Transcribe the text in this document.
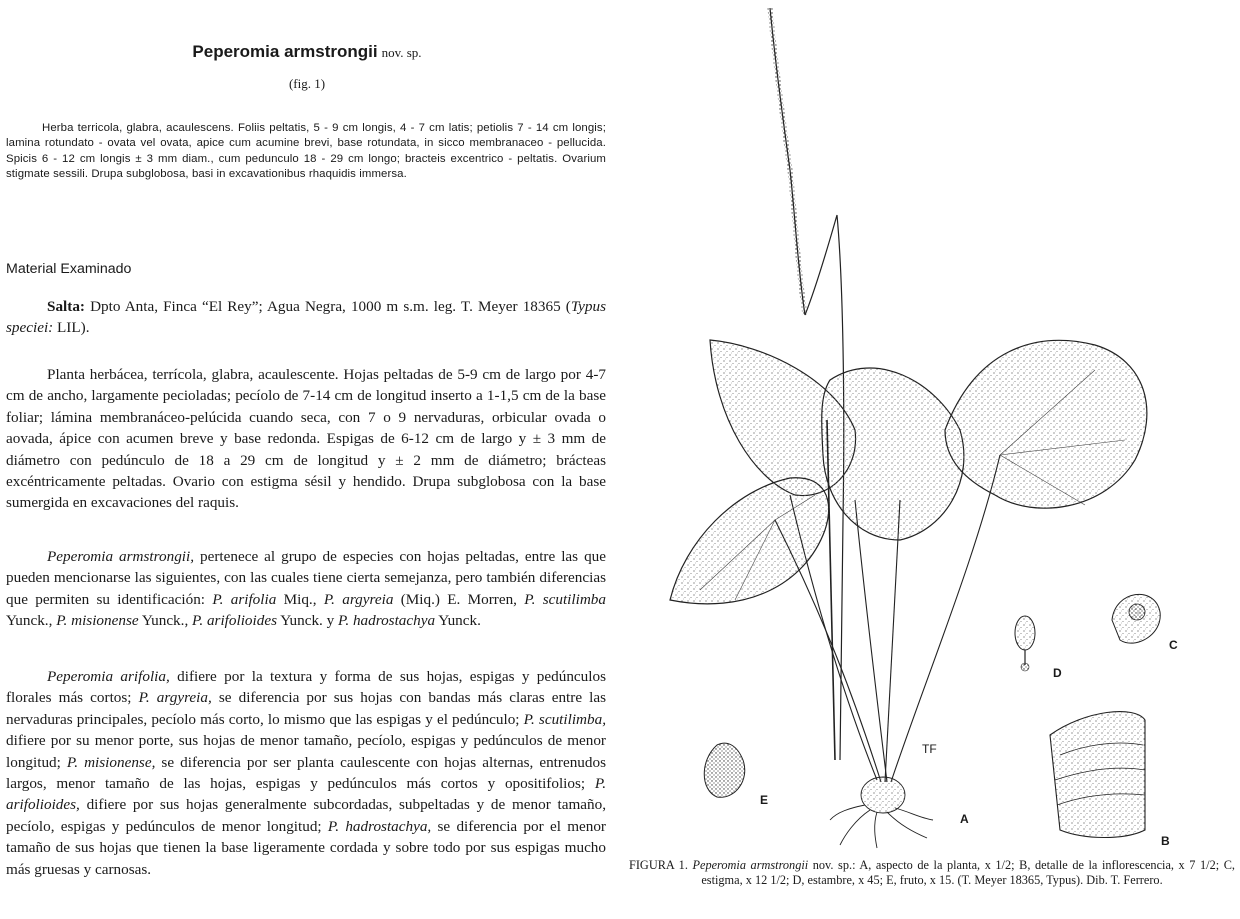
Peperomia armstrongii nov. sp.
(fig. 1)

Herba terricola, glabra, acaulescens. Foliis peltatis, 5 - 9 cm longis, 4 - 7 cm latis; petiolis 7 - 14 cm longis; lamina rotundato - ovata vel ovata, apice cum acumine brevi, base rotundata, in sicco membranaceo - pellucida. Spicis 6 - 12 cm longis ± 3 mm diam., cum pedunculo 18 - 29 cm longo; bracteis excentrico - peltatis. Ovarium stigmate sessili. Drupa subglobosa, basi in excavationibus rhaquidis immersa.

Material Examinado

Salta: Dpto Anta, Finca “El Rey”; Agua Negra, 1000 m s.m. leg. T. Meyer 18365 (Typus speciei: LIL).

Planta herbácea, terrícola, glabra, acaulescente. Hojas peltadas de 5-9 cm de largo por 4-7 cm de ancho, largamente pecioladas; pecíolo de 7-14 cm de longitud inserto a 1-1,5 cm de la base foliar; lámina membranáceo-pelúcida cuando seca, con 7 o 9 nervaduras, orbicular ovada o aovada, ápice con acumen breve y base redonda. Espigas de 6-12 cm de largo y ± 3 mm de diámetro con pedúnculo de 18 a 29 cm de longitud y ± 2 mm de diámetro; brácteas excéntricamente peltadas. Ovario con estigma sésil y hendido. Drupa subglobosa con la base sumergida en excavaciones del raquis.

Peperomia armstrongii, pertenece al grupo de especies con hojas peltadas, entre las que pueden mencionarse las siguientes, con las cuales tiene cierta semejanza, pero también diferencias que permiten su identificación: P. arifolia Miq., P. argyreia (Miq.) E. Morren, P. scutilimba Yunck., P. misionense Yunck., P. arifolioides Yunck. y P. hadrostachya Yunck.

Peperomia arifolia, difiere por la textura y forma de sus hojas, espigas y pedúnculos florales más cortos; P. argyreia, se diferencia por sus hojas con bandas más claras entre las nervaduras principales, pecíolo más corto, lo mismo que las espigas y el pedúnculo; P. scutilimba, difiere por su menor porte, sus hojas de menor tamaño, pecíolo, espigas y pedúnculos de menor longitud; P. misionense, se diferencia por ser planta caulescente con hojas alternas, entrenudos largos, menor tamaño de las hojas, espigas y pedúnculos más cortos y opositifolios; P. arifolioides, difiere por sus hojas generalmente subcordadas, subpeltadas y de menor tamaño, pecíolo, espigas y pedúnculos de menor longitud; P. hadrostachya, se diferencia por el menor tamaño de sus hojas que tienen la base ligeramente cordada y sobre todo por sus espigas mucho más gruesas y carnosas.

A
B
C
D
E
TF
FIGURA 1. Peperomia armstrongii nov. sp.: A, aspecto de la planta, x 1/2; B, detalle de la inflorescencia, x 7 1/2; C, estigma, x 12 1/2; D, estambre, x 45; E, fruto, x 15. (T. Meyer 18365, Typus). Dib. T. Ferrero.
